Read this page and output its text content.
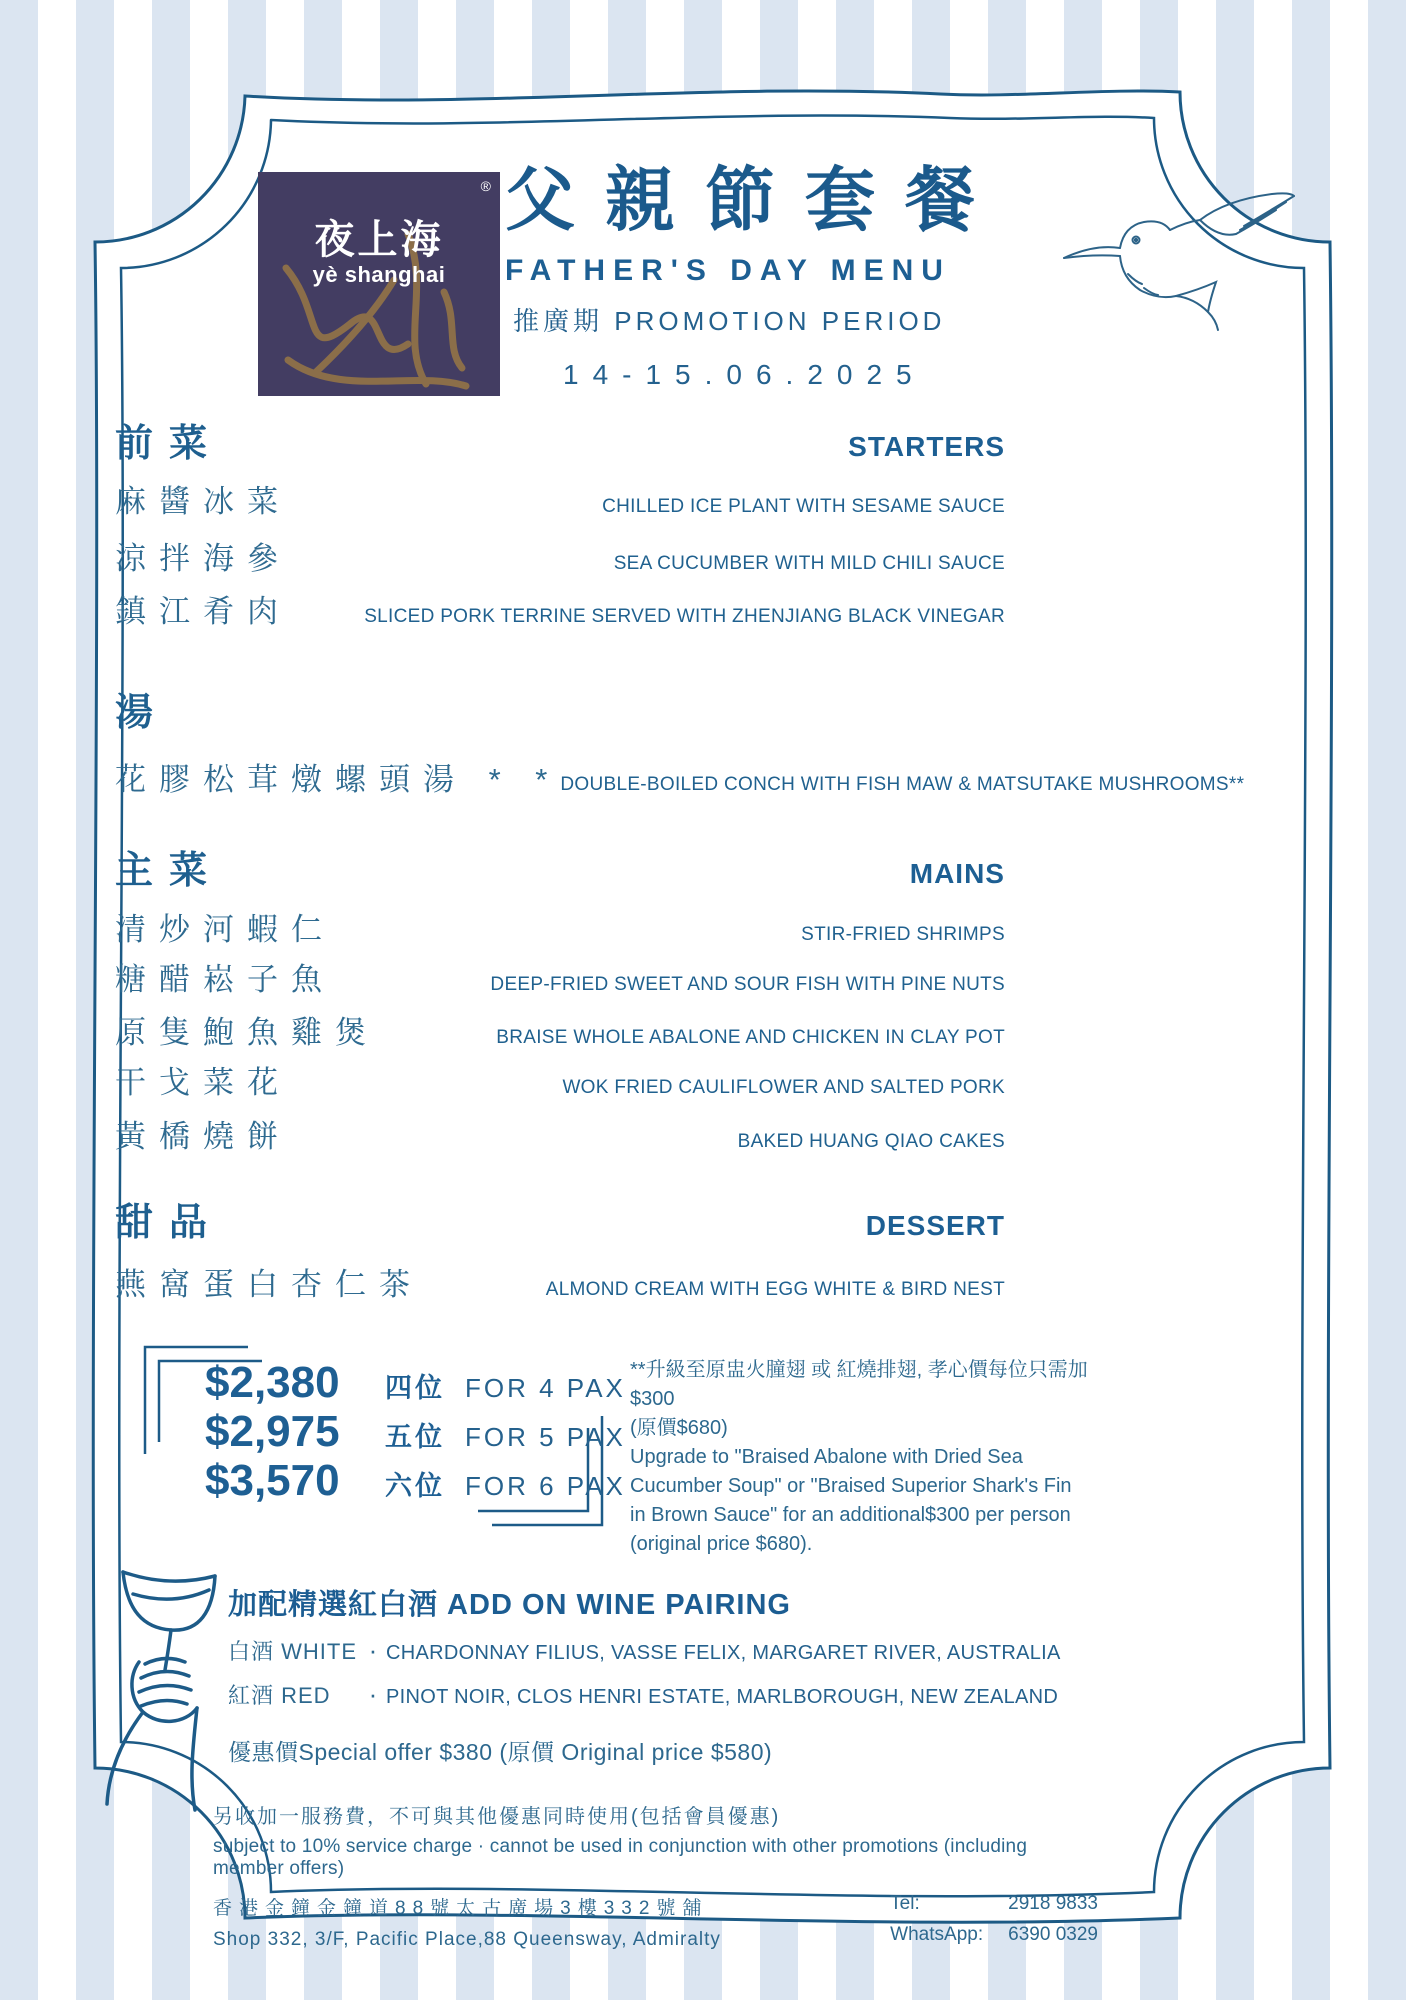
®
夜上海
yè shanghai
父親節套餐
FATHER'S DAY MENU
推廣期 PROMOTION PERIOD
14-15.06.2025
前菜	STARTERS
麻醬冰菜	CHILLED ICE PLANT WITH SESAME SAUCE
涼拌海參	SEA CUCUMBER WITH MILD CHILI SAUCE
鎮江肴肉	SLICED PORK TERRINE SERVED WITH ZHENJIANG BLACK VINEGAR
湯
花膠松茸燉螺頭湯 * * DOUBLE-BOILED CONCH WITH FISH MAW & MATSUTAKE MUSHROOMS**
主菜	MAINS
清炒河蝦仁	STIR-FRIED SHRIMPS
糖醋崧子魚	DEEP-FRIED SWEET AND SOUR FISH WITH PINE NUTS
原隻鮑魚雞煲	BRAISE WHOLE ABALONE AND CHICKEN IN CLAY POT
干戈菜花	WOK FRIED CAULIFLOWER AND SALTED PORK
黃橋燒餅	BAKED HUANG QIAO CAKES
甜品	DESSERT
燕窩蛋白杏仁茶	ALMOND CREAM WITH EGG WHITE & BIRD NEST
$2,380	四位 FOR 4 PAX
$2,975	五位 FOR 5 PAX
$3,570	六位 FOR 6 PAX

**升級至原盅火朣翅 或 紅燒排翅, 孝心價每位只需加$300

(原價$680)

Upgrade to "Braised Abalone with Dried Sea Cucumber Soup" or "Braised Superior Shark's Fin in Brown Sauce" for an additional$300 per person (original price $680).

加配精選紅白酒 ADD ON WINE PAIRING
白酒 WHITE · CHARDONNAY FILIUS, VASSE FELIX, MARGARET RIVER, AUSTRALIA
紅酒 RED	· PINOT NOIR, CLOS HENRI ESTATE, MARLBOROUGH, NEW ZEALAND
優惠價Special offer $380 (原價 Original price $580)
另收加一服務費，不可與其他優惠同時使用(包括會員優惠)
subject to 10% service charge · cannot be used in conjunction with other promotions (including member offers)
香港金鐘金鐘道88號太古廣場3樓332號舖
Shop 332, 3/F, Pacific Place,88 Queensway, Admiralty
Tel:	2918 9833
WhatsApp:	6390 0329
